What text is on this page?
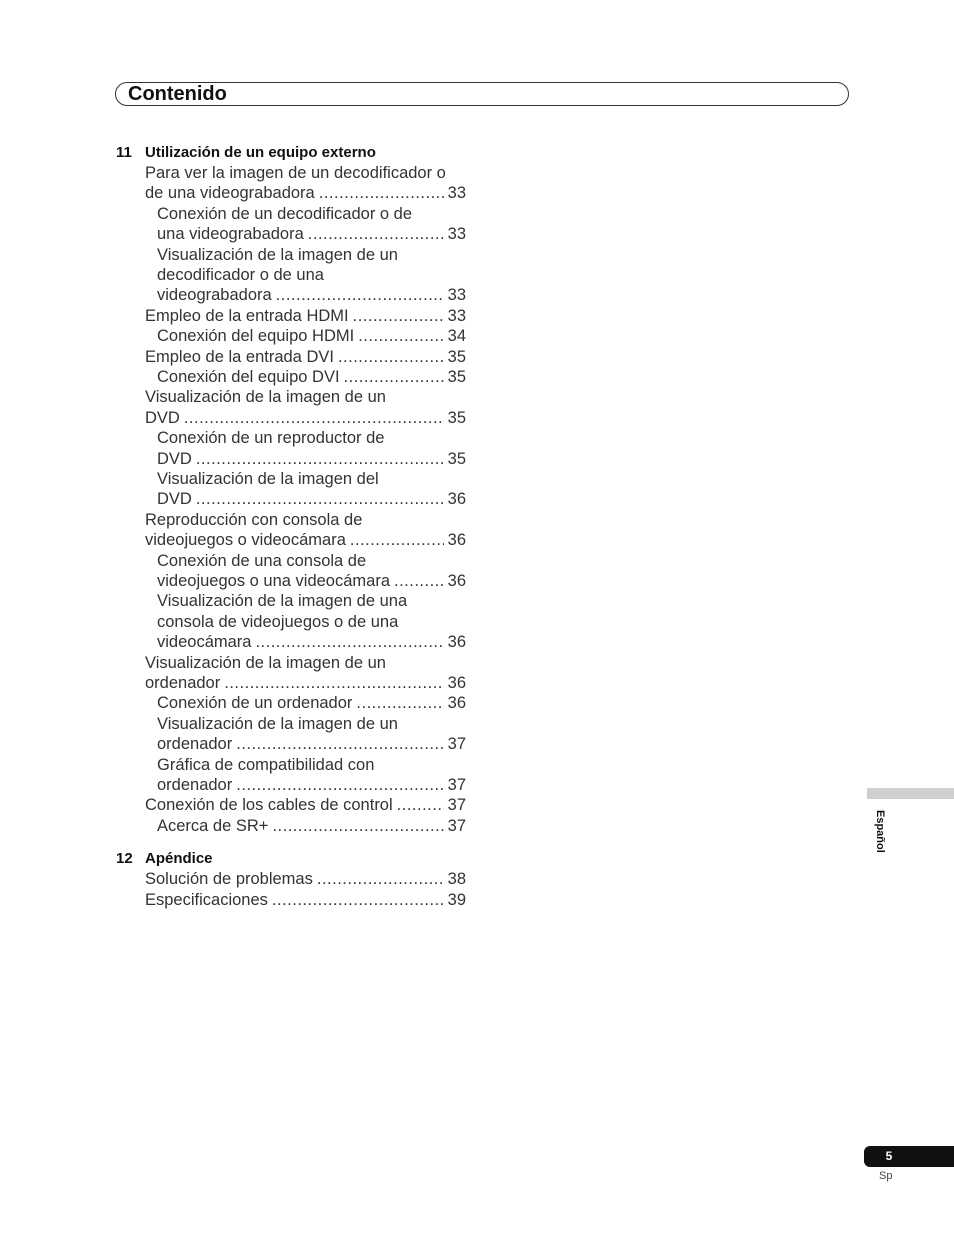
Contenido
11 Utilización de un equipo externo
Para ver la imagen de un decodificador o
de una videograbadora .....	33
Conexión de un decodificador o de
una videograbadora .....	33
Visualización de la imagen de un
decodificador o de una
videograbadora .....	33
Empleo de la entrada HDMI .....	33
Conexión del equipo HDMI .....	34
Empleo de la entrada DVI .....	35
Conexión del equipo DVI .....	35
Visualización de la imagen de un
DVD .....	35
Conexión de un reproductor de
DVD .....	35
Visualización de la imagen del
DVD .....	36
Reproducción con consola de
videojuegos o videocámara .....	36
Conexión de una consola de
videojuegos o una videocámara .....	36
Visualización de la imagen de una
consola de videojuegos o de una
videocámara .....	36
Visualización de la imagen de un
ordenador .....	36
Conexión de un ordenador .....	36
Visualización de la imagen de un
ordenador .....	37
Gráfica de compatibilidad con
ordenador .....	37
Conexión de los cables de control .....	37
Acerca de SR+ .....	37
12 Apéndice
Solución de problemas .....	38
Especificaciones .....	39
Español
5
Sp
